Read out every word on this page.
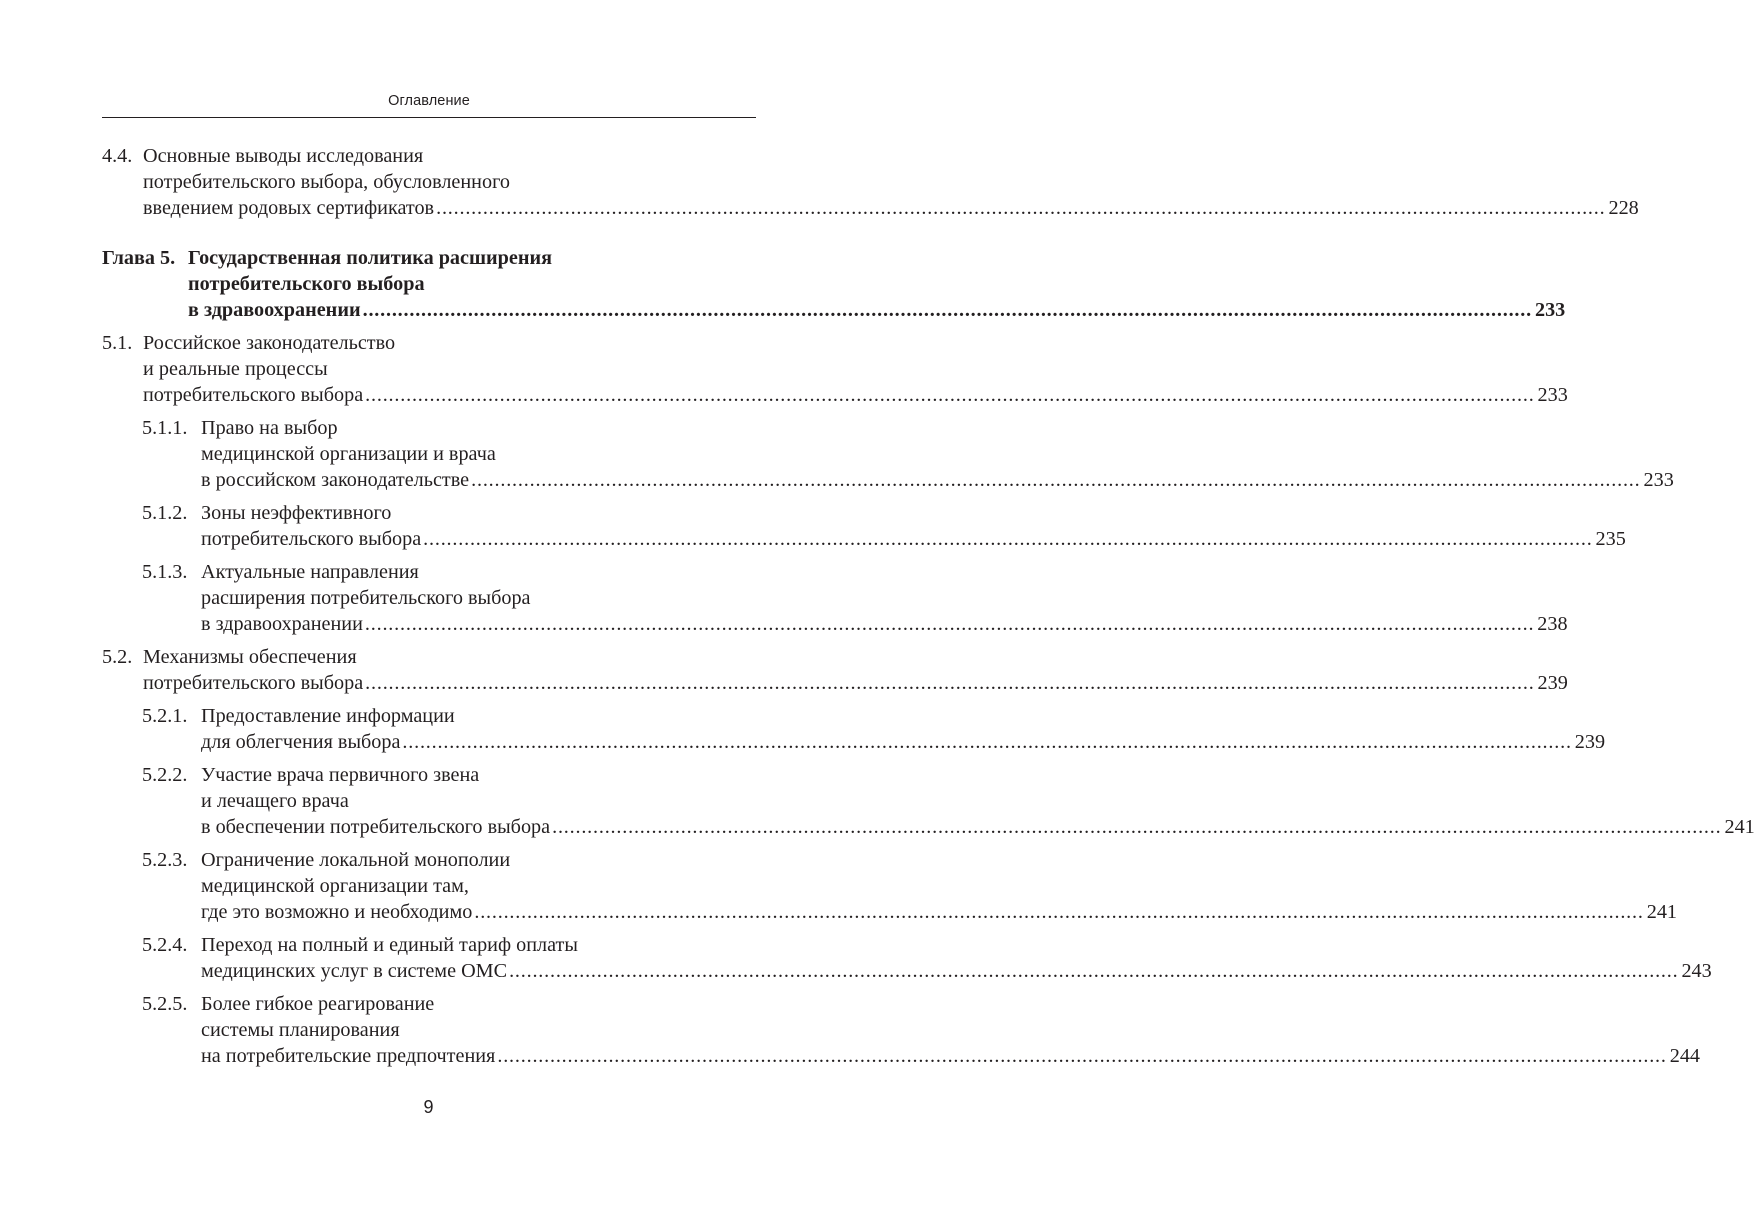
Оглавление
4.4. Основные выводы исследования
потребительского выбора, обусловленного
введением родовых сертификатов ........................................................................................................................................................................................................ 228
Глава 5. Государственная политика расширения
потребительского выбора
в здравоохранении ........................................................................................................................................................................................................ 233
5.1. Российское законодательство
и реальные процессы
потребительского выбора ........................................................................................................................................................................................................ 233
5.1.1. Право на выбор
медицинской организации и врача
в российском законодательстве ........................................................................................................................................................................................................ 233
5.1.2. Зоны неэффективного
потребительского выбора ........................................................................................................................................................................................................ 235
5.1.3. Актуальные направления
расширения потребительского выбора
в здравоохранении ........................................................................................................................................................................................................ 238
5.2. Механизмы обеспечения
потребительского выбора ........................................................................................................................................................................................................ 239
5.2.1. Предоставление информации
для облегчения выбора ........................................................................................................................................................................................................ 239
5.2.2. Участие врача первичного звена
и лечащего врача
в обеспечении потребительского выбора ........................................................................................................................................................................................................ 241
5.2.3. Ограничение локальной монополии
медицинской организации там,
где это возможно и необходимо ........................................................................................................................................................................................................ 241
5.2.4. Переход на полный и единый тариф оплаты
медицинских услуг в системе ОМС ........................................................................................................................................................................................................ 243
5.2.5. Более гибкое реагирование
системы планирования
на потребительские предпочтения ........................................................................................................................................................................................................ 244
9
